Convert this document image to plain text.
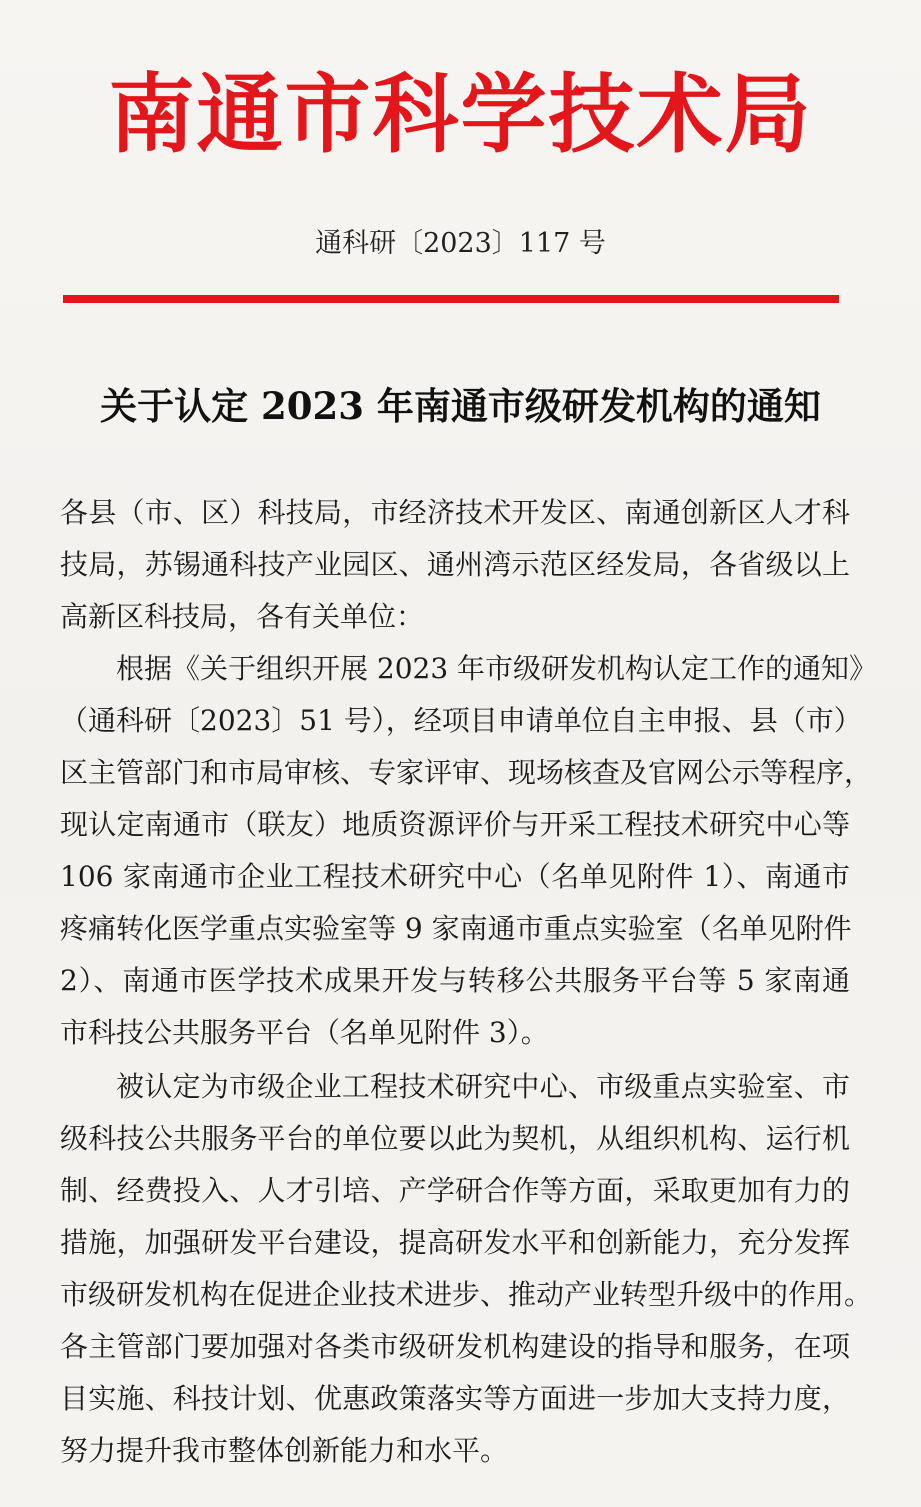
南通市科学技术局
通科研〔2023〕117 号
关于认定 2023 年南通市级研发机构的通知
各县（市、区）科技局，市经济技术开发区、南通创新区人才科
技局，苏锡通科技产业园区、通州湾示范区经发局，各省级以上
高新区科技局，各有关单位：
根据《关于组织开展 2023 年市级研发机构认定工作的通知》
（通科研〔2023〕51 号），经项目申请单位自主申报、县（市）
区主管部门和市局审核、专家评审、现场核查及官网公示等程序，
现认定南通市（联友）地质资源评价与开采工程技术研究中心等
106 家南通市企业工程技术研究中心（名单见附件 1）、南通市
疼痛转化医学重点实验室等 9 家南通市重点实验室（名单见附件
2）、南通市医学技术成果开发与转移公共服务平台等 5 家南通
市科技公共服务平台（名单见附件 3）。
被认定为市级企业工程技术研究中心、市级重点实验室、市
级科技公共服务平台的单位要以此为契机，从组织机构、运行机
制、经费投入、人才引培、产学研合作等方面，采取更加有力的
措施，加强研发平台建设，提高研发水平和创新能力，充分发挥
市级研发机构在促进企业技术进步、推动产业转型升级中的作用。
各主管部门要加强对各类市级研发机构建设的指导和服务，在项
目实施、科技计划、优惠政策落实等方面进一步加大支持力度，
努力提升我市整体创新能力和水平。
